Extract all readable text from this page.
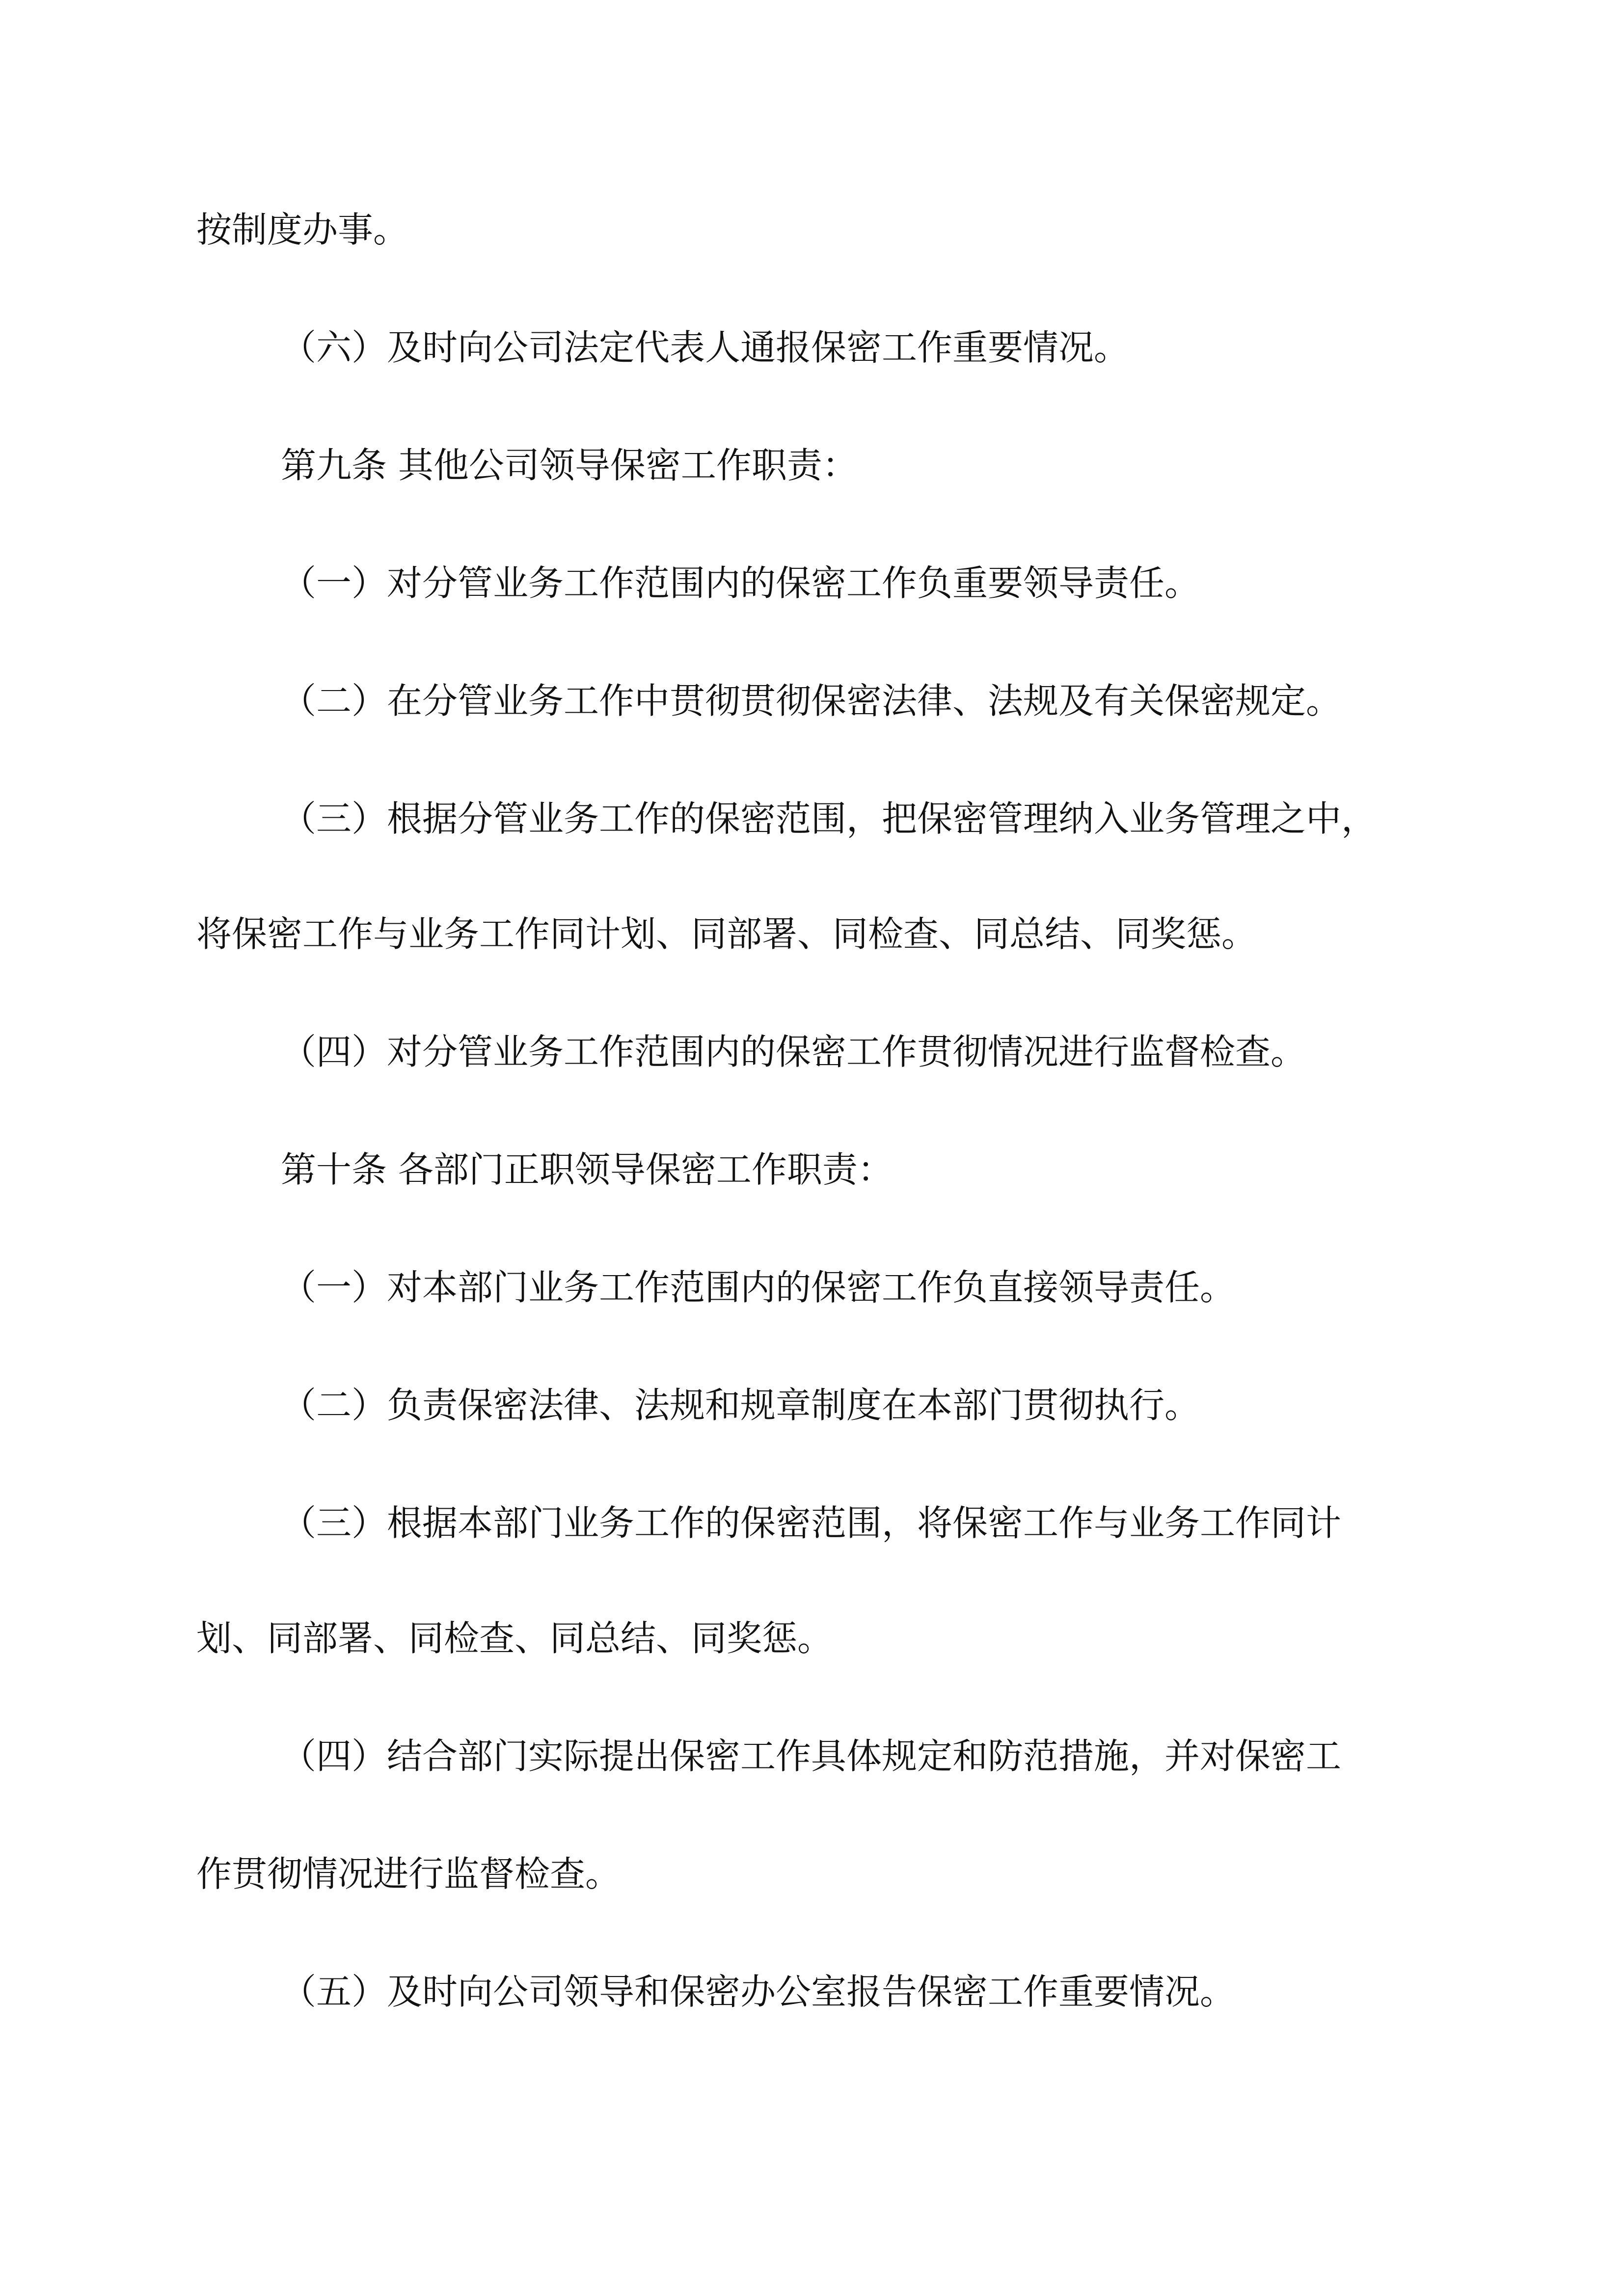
按制度办事。

（六）及时向公司法定代表人通报保密工作重要情况。

第九条 其他公司领导保密工作职责：

（一）对分管业务工作范围内的保密工作负重要领导责任。

（二）在分管业务工作中贯彻贯彻保密法律、法规及有关保密规定。

（三）根据分管业务工作的保密范围，把保密管理纳入业务管理之中，

将保密工作与业务工作同计划、同部署、同检查、同总结、同奖惩。

（四）对分管业务工作范围内的保密工作贯彻情况进行监督检查。

第十条 各部门正职领导保密工作职责：

（一）对本部门业务工作范围内的保密工作负直接领导责任。

（二）负责保密法律、法规和规章制度在本部门贯彻执行。

（三）根据本部门业务工作的保密范围，将保密工作与业务工作同计

划、同部署、同检查、同总结、同奖惩。

（四）结合部门实际提出保密工作具体规定和防范措施，并对保密工

作贯彻情况进行监督检查。

（五）及时向公司领导和保密办公室报告保密工作重要情况。
